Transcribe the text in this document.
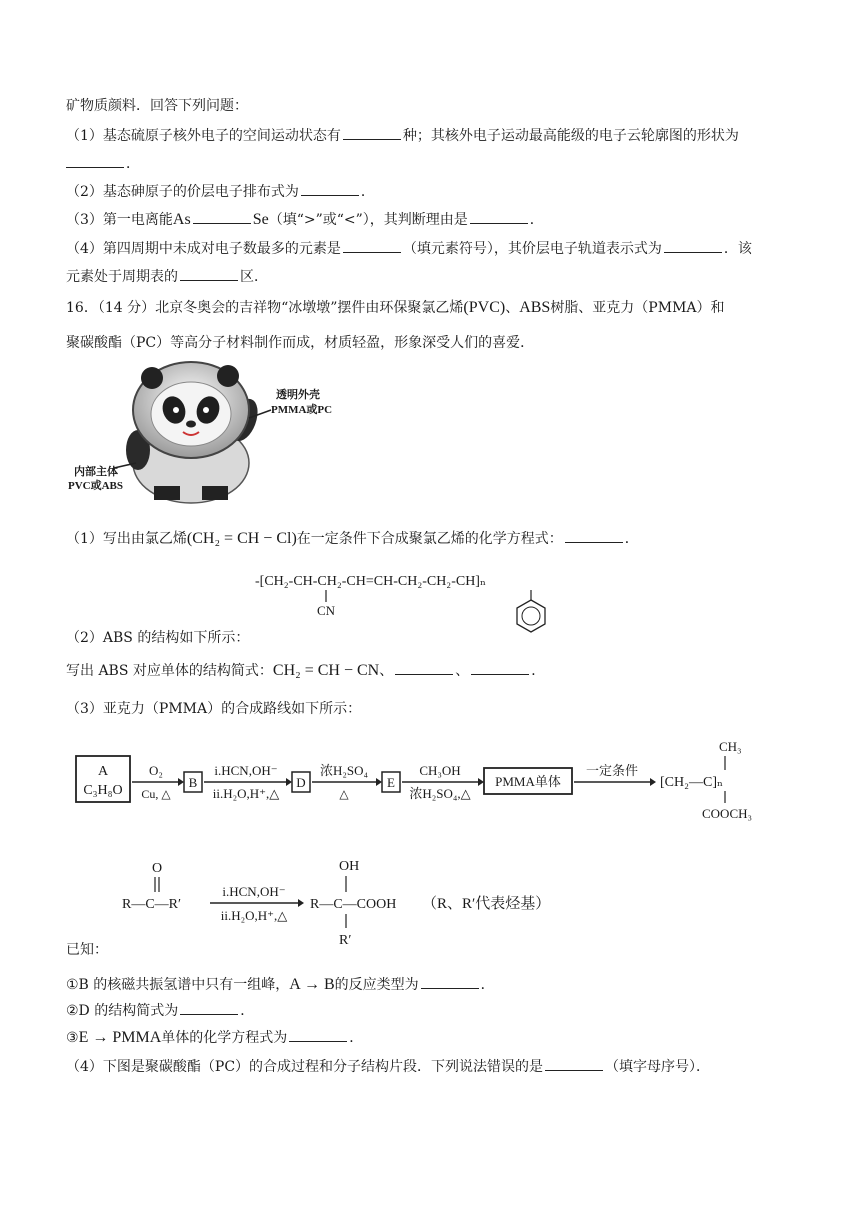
矿物质颜料．回答下列问题：
（1）基态硫原子核外电子的空间运动状态有	种；其核外电子运动最高能级的电子云轮廓图的形状为
．
（2）基态砷原子的价层电子排布式为	．
（3）第一电离能As	Se（填“>”或“<”），其判断理由是	．
（4）第四周期中未成对电子数最多的元素是	（填元素符号），其价层电子轨道表示式为	．该
元素处于周期表的	区．
16．（14 分）北京冬奥会的吉祥物“冰墩墩”摆件由环保聚氯乙烯(PVC)、ABS树脂、亚克力（PMMA）和
聚碳酸酯（PC）等高分子材料制作而成，材质轻盈，形象深受人们的喜爱．
透明外壳
PMMA或PC
内部主体
PVC或ABS
（1）写出由氯乙烯(CH₂ = CH − Cl)在一定条件下合成聚氯乙烯的化学方程式：	．
-[CH₂-CH-CH₂-CH=CH-CH₂-CH₂-CH]ₙ
CN
（2）ABS 的结构如下所示：
写出 ABS 对应单体的结构简式：CH₂ = CH − CN、	、	．
（3）亚克力（PMMA）的合成路线如下所示：
A
C₃H₈O
O₂
Cu, △
B
i.HCN,OH⁻
ii.H₂O,H⁺,△
D
浓H₂SO₄
△
E
CH₃OH
浓H₂SO₄,△
PMMA单体
一定条件
CH₃
[CH₂—C]ₙ
COOCH₃
O
R—C—R′
i.HCN,OH⁻
ii.H₂O,H⁺,△
OH
R—C—COOH
R′
（R、R′代表烃基）
已知：
①B 的核磁共振氢谱中只有一组峰，A → B的反应类型为	．
②D 的结构简式为	．
③E → PMMA单体的化学方程式为	．
（4）下图是聚碳酸酯（PC）的合成过程和分子结构片段．下列说法错误的是	（填字母序号）．
